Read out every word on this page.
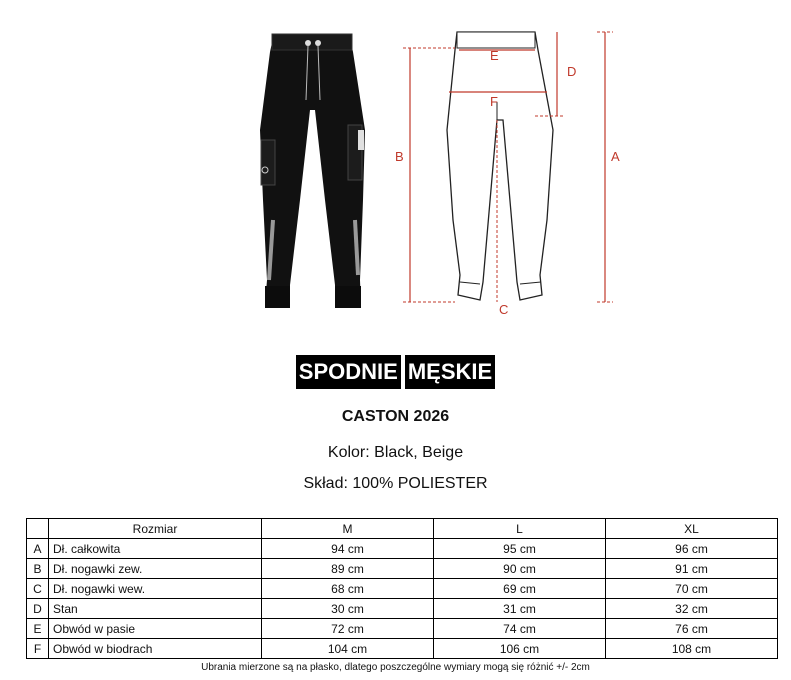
A
B
C
D
E
F
SPODNIE MĘSKIE
CASTON 2026
Kolor: Black, Beige
Skład: 100% POLIESTER
	Rozmiar	M	L	XL
A	Dł. całkowita	94 cm	95 cm	96 cm
B	Dł. nogawki zew.	89 cm	90 cm	91 cm
C	Dł. nogawki wew.	68 cm	69 cm	70 cm
D	Stan	30 cm	31 cm	32 cm
E	Obwód w pasie	72 cm	74 cm	76 cm
F	Obwód w biodrach	104 cm	106 cm	108 cm
Ubrania mierzone są na płasko, dlatego poszczególne wymiary mogą się różnić +/- 2cm
